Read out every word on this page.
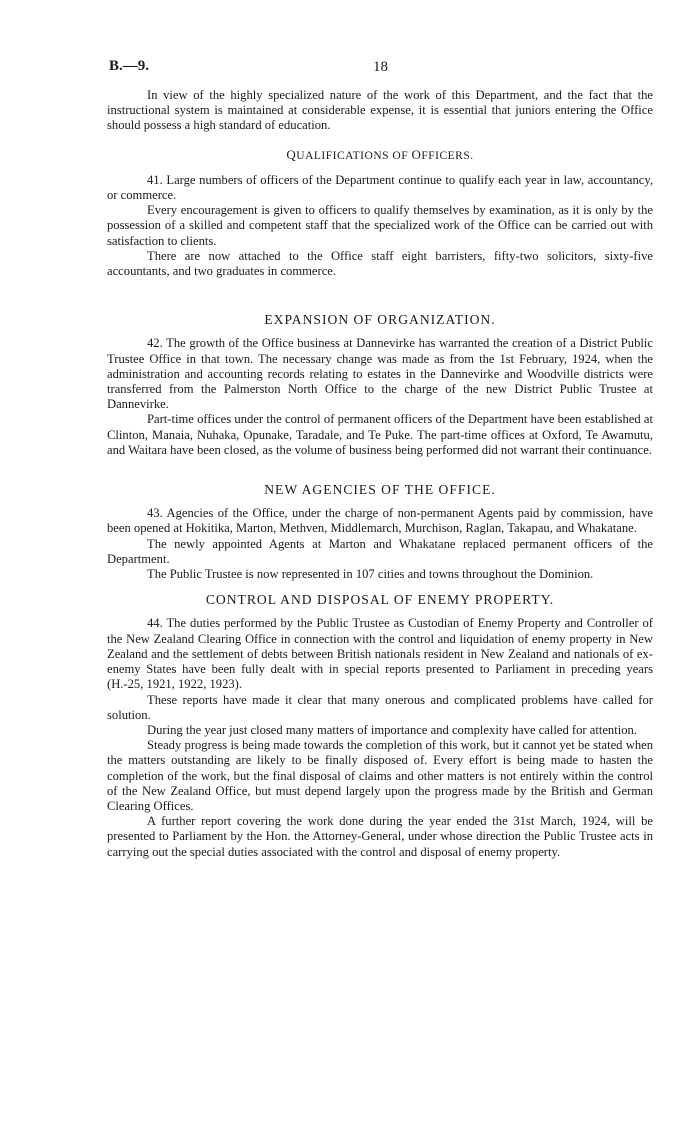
B.—9.	18

In view of the highly specialized nature of the work of this Department, and the fact that the instructional system is maintained at considerable expense, it is essential that juniors entering the Office should possess a high standard of education.

QUALIFICATIONS OF OFFICERS.

41. Large numbers of officers of the Department continue to qualify each year in law, accountancy, or commerce.

Every encouragement is given to officers to qualify themselves by examination, as it is only by the possession of a skilled and competent staff that the specialized work of the Office can be carried out with satisfaction to clients.

There are now attached to the Office staff eight barristers, fifty-two solicitors, sixty-five accountants, and two graduates in commerce.

EXPANSION OF ORGANIZATION.

42. The growth of the Office business at Dannevirke has warranted the creation of a District Public Trustee Office in that town. The necessary change was made as from the 1st February, 1924, when the administration and accounting records relating to estates in the Dannevirke and Woodville districts were transferred from the Palmerston North Office to the charge of the new District Public Trustee at Dannevirke.

Part-time offices under the control of permanent officers of the Department have been established at Clinton, Manaia, Nuhaka, Opunake, Taradale, and Te Puke. The part-time offices at Oxford, Te Awamutu, and Waitara have been closed, as the volume of business being performed did not warrant their continuance.

NEW AGENCIES OF THE OFFICE.

43. Agencies of the Office, under the charge of non-permanent Agents paid by commission, have been opened at Hokitika, Marton, Methven, Middlemarch, Murchison, Raglan, Takapau, and Whakatane.

The newly appointed Agents at Marton and Whakatane replaced permanent officers of the Department.

The Public Trustee is now represented in 107 cities and towns throughout the Dominion.

CONTROL AND DISPOSAL OF ENEMY PROPERTY.

44. The duties performed by the Public Trustee as Custodian of Enemy Property and Controller of the New Zealand Clearing Office in connection with the control and liquidation of enemy property in New Zealand and the settlement of debts between British nationals resident in New Zealand and nationals of ex-enemy States have been fully dealt with in special reports presented to Parliament in preceding years (H.-25, 1921, 1922, 1923).

These reports have made it clear that many onerous and complicated problems have called for solution.

During the year just closed many matters of importance and complexity have called for attention.

Steady progress is being made towards the completion of this work, but it cannot yet be stated when the matters outstanding are likely to be finally disposed of. Every effort is being made to hasten the completion of the work, but the final disposal of claims and other matters is not entirely within the control of the New Zealand Office, but must depend largely upon the progress made by the British and German Clearing Offices.

A further report covering the work done during the year ended the 31st March, 1924, will be presented to Parliament by the Hon. the Attorney-General, under whose direction the Public Trustee acts in carrying out the special duties associated with the control and disposal of enemy property.
